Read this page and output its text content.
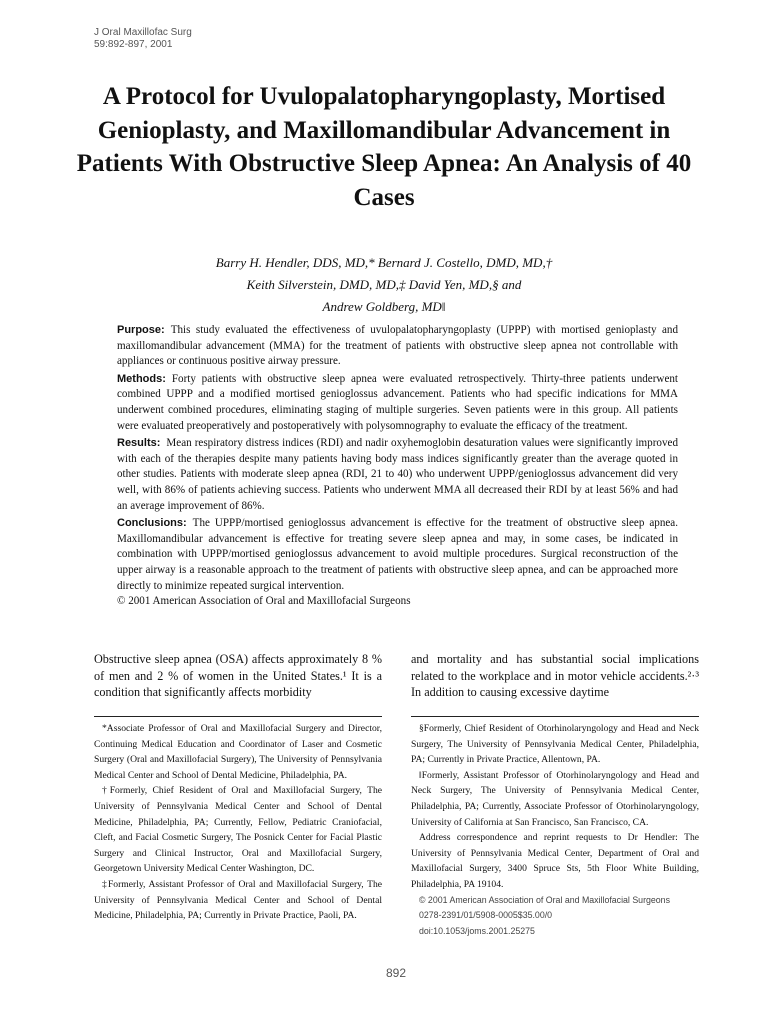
J Oral Maxillofac Surg
59:892-897, 2001
A Protocol for Uvulopalatopharyngoplasty, Mortised Genioplasty, and Maxillomandibular Advancement in Patients With Obstructive Sleep Apnea: An Analysis of 40 Cases
Barry H. Hendler, DDS, MD,* Bernard J. Costello, DMD, MD,†
Keith Silverstein, DMD, MD,‡ David Yen, MD,§ and
Andrew Goldberg, MD‖

Purpose: This study evaluated the effectiveness of uvulopalatopharyngoplasty (UPPP) with mortised genioplasty and maxillomandibular advancement (MMA) for the treatment of patients with obstructive sleep apnea not controllable with appliances or continuous positive airway pressure.

Methods: Forty patients with obstructive sleep apnea were evaluated retrospectively. Thirty-three patients underwent combined UPPP and a modified mortised genioglossus advancement. Patients who had specific indications for MMA underwent combined procedures, eliminating staging of multiple surgeries. Seven patients were in this group. All patients were evaluated preoperatively and postoperatively with polysomnography to evaluate the efficacy of the treatment.

Results: Mean respiratory distress indices (RDI) and nadir oxyhemoglobin desaturation values were significantly improved with each of the therapies despite many patients having body mass indices significantly greater than the average quoted in other studies. Patients with moderate sleep apnea (RDI, 21 to 40) who underwent UPPP/genioglossus advancement did very well, with 86% of patients achieving success. Patients who underwent MMA all decreased their RDI by at least 56% and had an average improvement of 86%.

Conclusions: The UPPP/mortised genioglossus advancement is effective for the treatment of obstructive sleep apnea. Maxillomandibular advancement is effective for treating severe sleep apnea and may, in some cases, be indicated in combination with UPPP/mortised genioglossus advancement to avoid multiple procedures. Surgical reconstruction of the upper airway is a reasonable approach to the treatment of patients with obstructive sleep apnea, and can be approached more directly to minimize repeated surgical intervention.

© 2001 American Association of Oral and Maxillofacial Surgeons

Obstructive sleep apnea (OSA) affects approximately 8 % of men and 2 % of women in the United States.¹ It is a condition that significantly affects morbidity

and mortality and has substantial social implications related to the workplace and in motor vehicle accidents.²·³ In addition to causing excessive daytime

*Associate Professor of Oral and Maxillofacial Surgery and Director, Continuing Medical Education and Coordinator of Laser and Cosmetic Surgery (Oral and Maxillofacial Surgery), The University of Pennsylvania Medical Center and School of Dental Medicine, Philadelphia, PA.

†Formerly, Chief Resident of Oral and Maxillofacial Surgery, The University of Pennsylvania Medical Center and School of Dental Medicine, Philadelphia, PA; Currently, Fellow, Pediatric Craniofacial, Cleft, and Facial Cosmetic Surgery, The Posnick Center for Facial Plastic Surgery and Clinical Instructor, Oral and Maxillofacial Surgery, Georgetown University Medical Center Washington, DC.

‡Formerly, Assistant Professor of Oral and Maxillofacial Surgery, The University of Pennsylvania Medical Center and School of Dental Medicine, Philadelphia, PA; Currently in Private Practice, Paoli, PA.

§Formerly, Chief Resident of Otorhinolaryngology and Head and Neck Surgery, The University of Pennsylvania Medical Center, Philadelphia, PA; Currently in Private Practice, Allentown, PA.

‖Formerly, Assistant Professor of Otorhinolaryngology and Head and Neck Surgery, The University of Pennsylvania Medical Center, Philadelphia, PA; Currently, Associate Professor of Otorhinolaryngology, University of California at San Francisco, San Francisco, CA.

Address correspondence and reprint requests to Dr Hendler: The University of Pennsylvania Medical Center, Department of Oral and Maxillofacial Surgery, 3400 Spruce Sts, 5th Floor White Building, Philadelphia, PA 19104.

© 2001 American Association of Oral and Maxillofacial Surgeons

0278-2391/01/5908-0005$35.00/0

doi:10.1053/joms.2001.25275

892
